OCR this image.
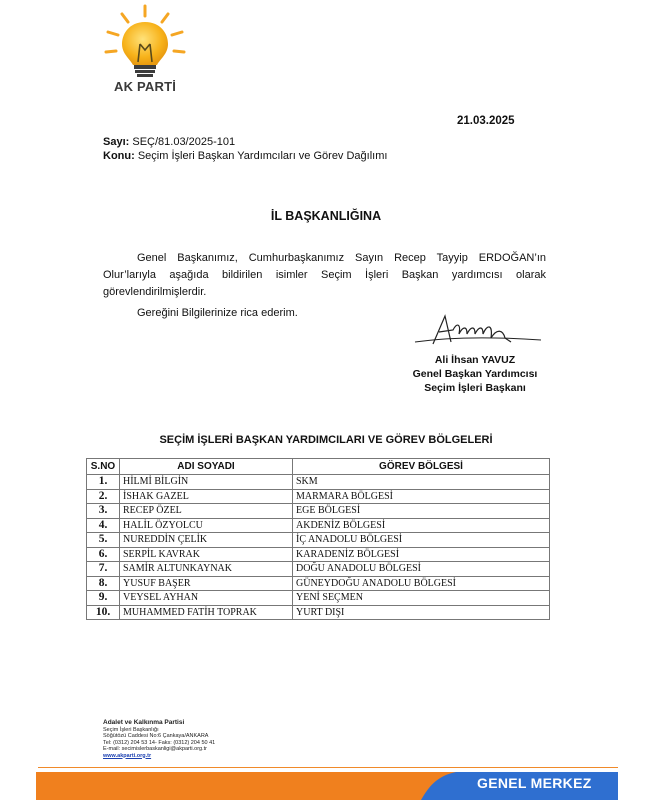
AK PARTİ
21.03.2025
Sayı: SEÇ/81.03/2025-101
Konu: Seçim İşleri Başkan Yardımcıları ve Görev Dağılımı
İL BAŞKANLIĞINA
Genel Başkanımız, Cumhurbaşkanımız Sayın Recep Tayyip ERDOĞAN’ın Olur’larıyla aşağıda bildirilen isimler Seçim İşleri Başkan yardımcısı olarak görevlendirilmişlerdir.
Gereğini Bilgilerinize rica ederim.
Ali İhsan YAVUZ
Genel Başkan Yardımcısı
Seçim İşleri Başkanı
SEÇİM İŞLERİ BAŞKAN YARDIMCILARI VE GÖREV BÖLGELERİ
S.NO	ADI SOYADI	GÖREV BÖLGESİ
1.	HİLMİ BİLGİN	SKM
2.	İSHAK GAZEL	MARMARA BÖLGESİ
3.	RECEP ÖZEL	EGE BÖLGESİ
4.	HALİL ÖZYOLCU	AKDENİZ BÖLGESİ
5.	NUREDDİN ÇELİK	İÇ ANADOLU BÖLGESİ
6.	SERPİL KAVRAK	KARADENİZ BÖLGESİ
7.	SAMİR ALTUNKAYNAK	DOĞU ANADOLU BÖLGESİ
8.	YUSUF BAŞER	GÜNEYDOĞU ANADOLU BÖLGESİ
9.	VEYSEL AYHAN	YENİ SEÇMEN
10.	MUHAMMED FATİH TOPRAK	YURT DIŞI
Adalet ve Kalkınma Partisi
Seçim İşleri Başkanlığı
Söğütözü Caddesi No:6 Çankaya/ANKARA
Tel: (0312) 204 53 14- Faks: (0312) 204 50 41
E-mail: secimislerbaskanligi@akparti.org.tr
www.akparti.org.tr
GENEL MERKEZ
